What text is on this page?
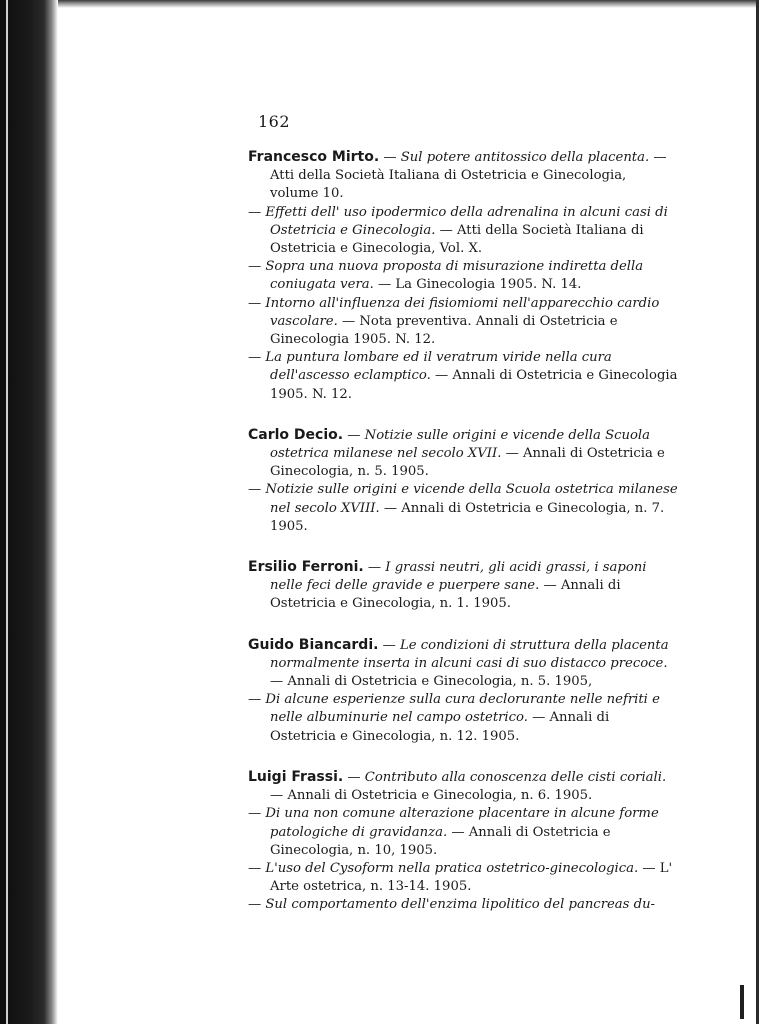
162

Francesco Mirto. — Sul potere antitossico della placenta. — Atti della Società Italiana di Ostetricia e Ginecologia, volume 10.

— Effetti dell' uso ipodermico della adrenalina in alcuni casi di Ostetricia e Ginecologia. — Atti della Società Italiana di Ostetricia e Ginecologia, Vol. X.

— Sopra una nuova proposta di misurazione indiretta della coniugata vera. — La Ginecologia 1905. N. 14.

— Intorno all'influenza dei fisiomiomi nell'apparecchio cardio vascolare. — Nota preventiva. Annali di Ostetricia e Ginecologia 1905. N. 12.

— La puntura lombare ed il veratrum viride nella cura dell'ascesso eclamptico. — Annali di Ostetricia e Ginecologia 1905. N. 12.

Carlo Decio. — Notizie sulle origini e vicende della Scuola ostetrica milanese nel secolo XVII. — Annali di Ostetricia e Ginecologia, n. 5. 1905.

— Notizie sulle origini e vicende della Scuola ostetrica milanese nel secolo XVIII. — Annali di Ostetricia e Ginecologia, n. 7. 1905.

Ersilio Ferroni. — I grassi neutri, gli acidi grassi, i saponi nelle feci delle gravide e puerpere sane. — Annali di Ostetricia e Ginecologia, n. 1. 1905.

Guido Biancardi. — Le condizioni di struttura della placenta normalmente inserta in alcuni casi di suo distacco precoce. — Annali di Ostetricia e Ginecologia, n. 5. 1905,

— Di alcune esperienze sulla cura declorurante nelle nefriti e nelle albuminurie nel campo ostetrico. — Annali di Ostetricia e Ginecologia, n. 12. 1905.

Luigi Frassi. — Contributo alla conoscenza delle cisti coriali. — Annali di Ostetricia e Ginecologia, n. 6. 1905.

— Di una non comune alterazione placentare in alcune forme patologiche di gravidanza. — Annali di Ostetricia e Ginecologia, n. 10, 1905.

— L'uso del Cysoform nella pratica ostetrico-ginecologica. — L' Arte ostetrica, n. 13-14. 1905.

— Sul comportamento dell'enzima lipolitico del pancreas du-
